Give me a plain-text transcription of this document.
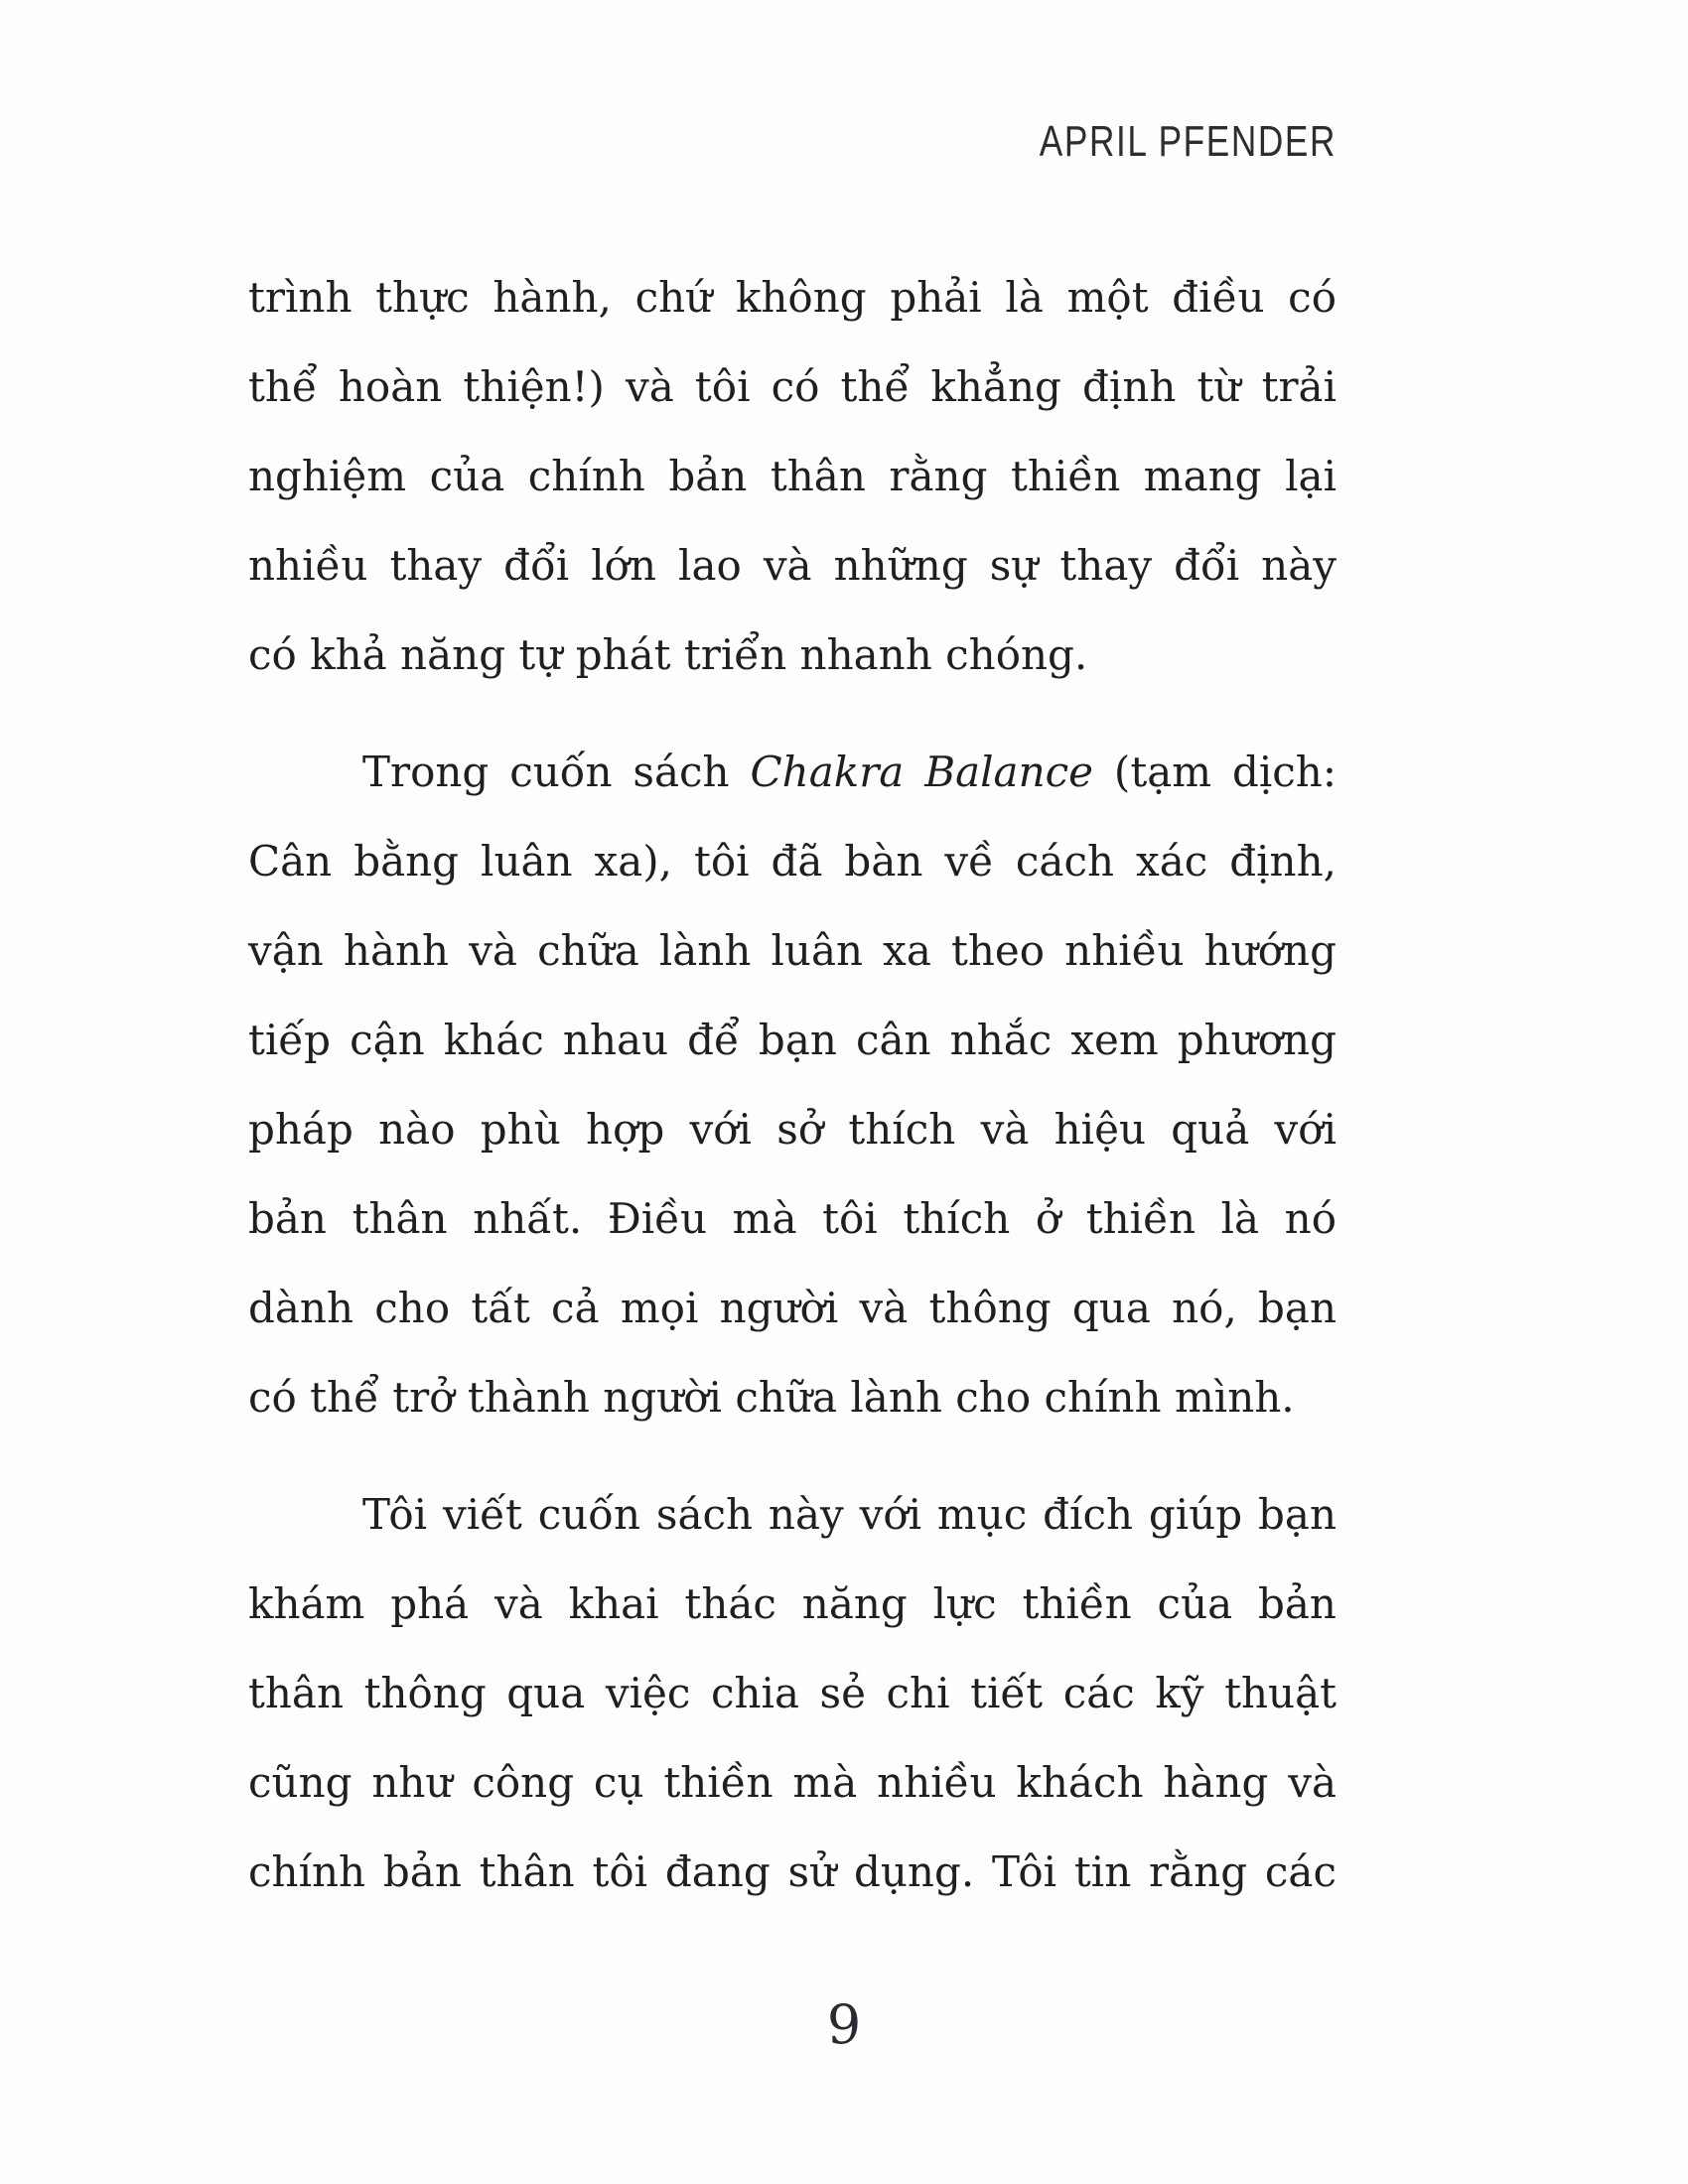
APRIL PFENDER
trình thực hành, chứ không phải là một điều có
thể hoàn thiện!) và tôi có thể khẳng định từ trải
nghiệm của chính bản thân rằng thiền mang lại
nhiều thay đổi lớn lao và những sự thay đổi này
có khả năng tự phát triển nhanh chóng.
Trong cuốn sách Chakra Balance (tạm dịch:
Cân bằng luân xa), tôi đã bàn về cách xác định,
vận hành và chữa lành luân xa theo nhiều hướng
tiếp cận khác nhau để bạn cân nhắc xem phương
pháp nào phù hợp với sở thích và hiệu quả với
bản thân nhất. Điều mà tôi thích ở thiền là nó
dành cho tất cả mọi người và thông qua nó, bạn
có thể trở thành người chữa lành cho chính mình.
Tôi viết cuốn sách này với mục đích giúp bạn
khám phá và khai thác năng lực thiền của bản
thân thông qua việc chia sẻ chi tiết các kỹ thuật
cũng như công cụ thiền mà nhiều khách hàng và
chính bản thân tôi đang sử dụng. Tôi tin rằng các
9
